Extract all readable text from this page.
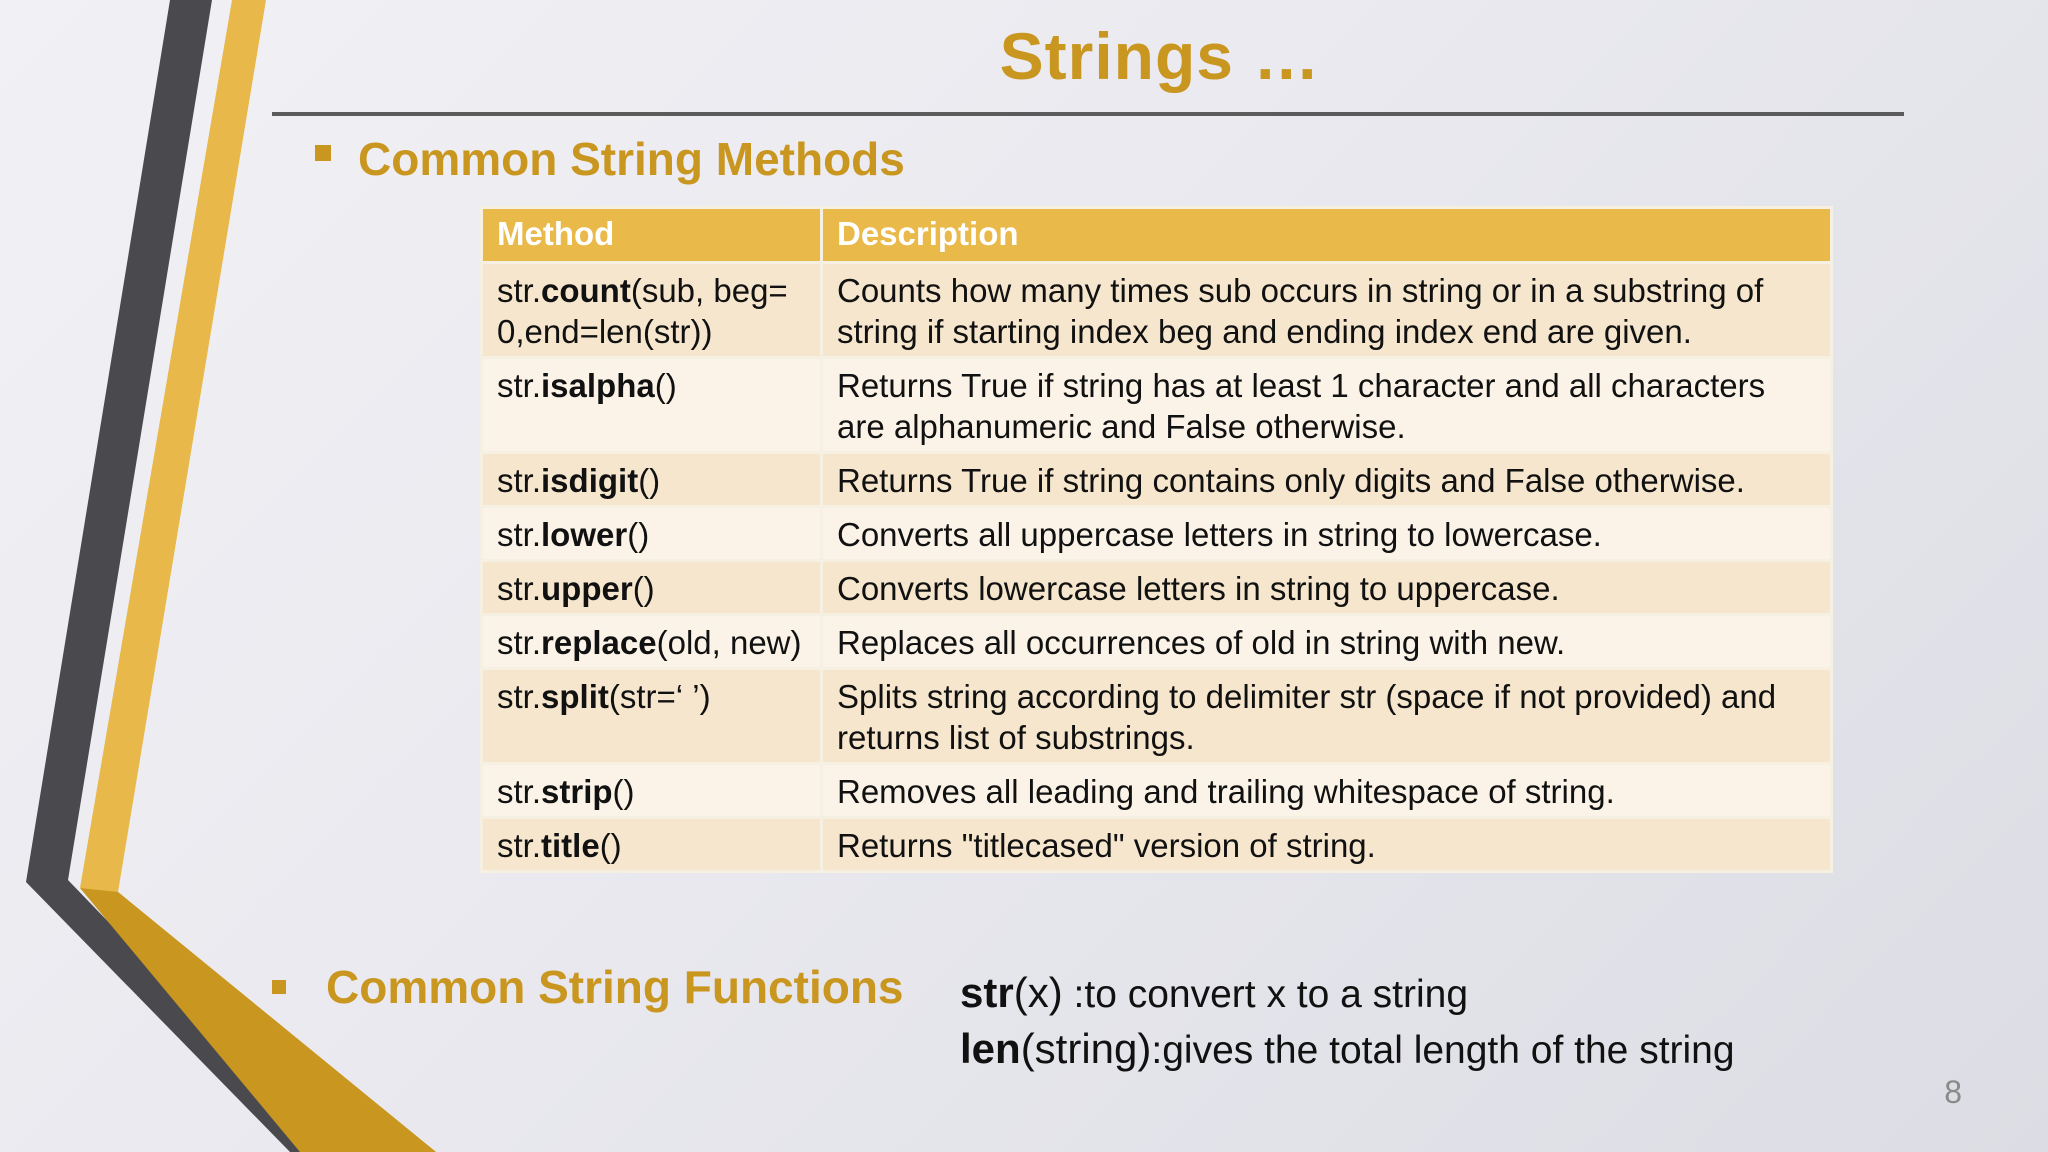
Strings …
Common String Methods
Method	Description
str.count(sub, beg= 0,end=len(str))	Counts how many times sub occurs in string or in a substring of string if starting index beg and ending index end are given.
str.isalpha()	Returns True if string has at least 1 character and all characters are alphanumeric and False otherwise.
str.isdigit()	Returns True if string contains only digits and False otherwise.
str.lower()	Converts all uppercase letters in string to lowercase.
str.upper()	Converts lowercase letters in string to uppercase.
str.replace(old, new)	Replaces all occurrences of old in string with new.
str.split(str=‘ ’)	Splits string according to delimiter str (space if not provided) and returns list of substrings.
str.strip()	Removes all leading and trailing whitespace of string.
str.title()	Returns "titlecased" version of string.
Common String Functions str(x) :to convert x to a string
len(string):gives the total length of the string
8
